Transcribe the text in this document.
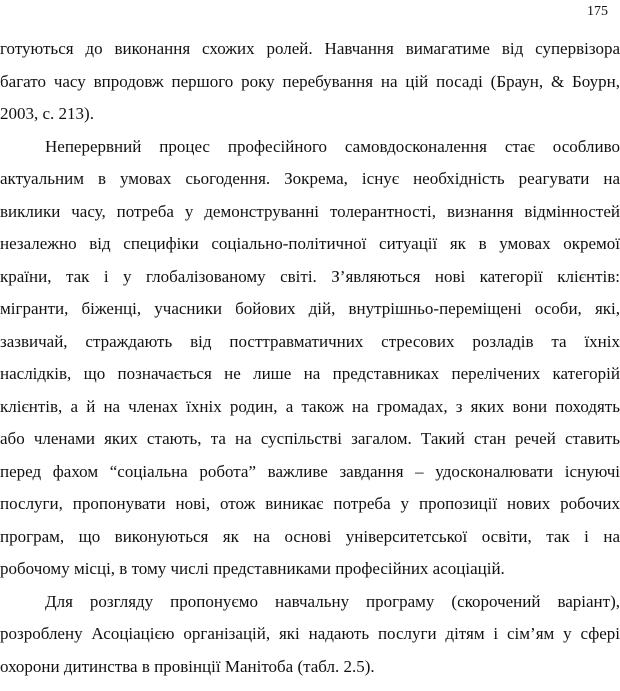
175
готуються до виконання схожих ролей. Навчання вимагатиме від супервізора
багато часу впродовж першого року перебування на цій посаді (Браун, & Боурн,
2003, с. 213).
Неперервний процес професійного самовдосконалення стає особливо
актуальним в умовах сьогодення. Зокрема, існує необхідність реагувати на
виклики часу, потреба у демонструванні толерантності, визнання відмінностей
незалежно від специфіки соціально-політичної ситуації як в умовах окремої
країни, так і у глобалізованому світі. З’являються нові категорії клієнтів:
мігранти, біженці, учасники бойових дій, внутрішньо-переміщені особи, які,
зазвичай, страждають від посттравматичних стресових розладів та їхніх
наслідків, що позначається не лише на представниках перелічених категорій
клієнтів, а й на членах їхніх родин, а також на громадах, з яких вони походять
або членами яких стають, та на суспільстві загалом. Такий стан речей ставить
перед фахом “соціальна робота” важливе завдання – удосконалювати існуючі
послуги, пропонувати нові, отож виникає потреба у пропозиції нових робочих
програм, що виконуються як на основі університетської освіти, так і на
робочому місці, в тому числі представниками професійних асоціацій.
Для розгляду пропонуємо навчальну програму (скорочений варіант),
розроблену Асоціацією організацій, які надають послуги дітям і сім’ям у сфері
охорони дитинства в провінції Манітоба (табл. 2.5).
